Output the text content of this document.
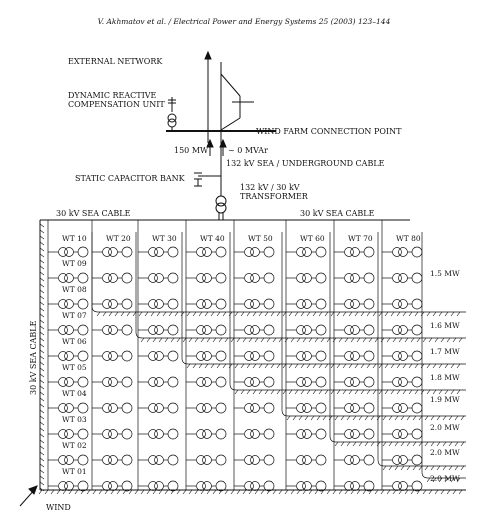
V. Akhmatov et al. / Electrical Power and Energy Systems 25 (2003) 123–144
EXTERNAL NETWORK
DYNAMIC REACTIVE
COMPENSATION UNIT
WIND FARM CONNECTION POINT
150 MW ~ 0 MVAr
132 kV SEA / UNDERGROUND CABLE
STATIC CAPACITOR BANK
132 kV / 30 kV
TRANSFORMER
30 kV SEA CABLE	30 kV SEA CABLE
30 kV SEA CABLE
WIND
WT 10	WT 20	WT 30	WT 40	WT 50	WT 60	WT 70	WT 80
WT 09
WT 08
WT 07
WT 06
WT 05
WT 04
WT 03
WT 02
WT 01
1.5 MW
1.6 MW
1.7 MW
1.8 MW
1.9 MW
2.0 MW
2.0 MW
2.0 MW
